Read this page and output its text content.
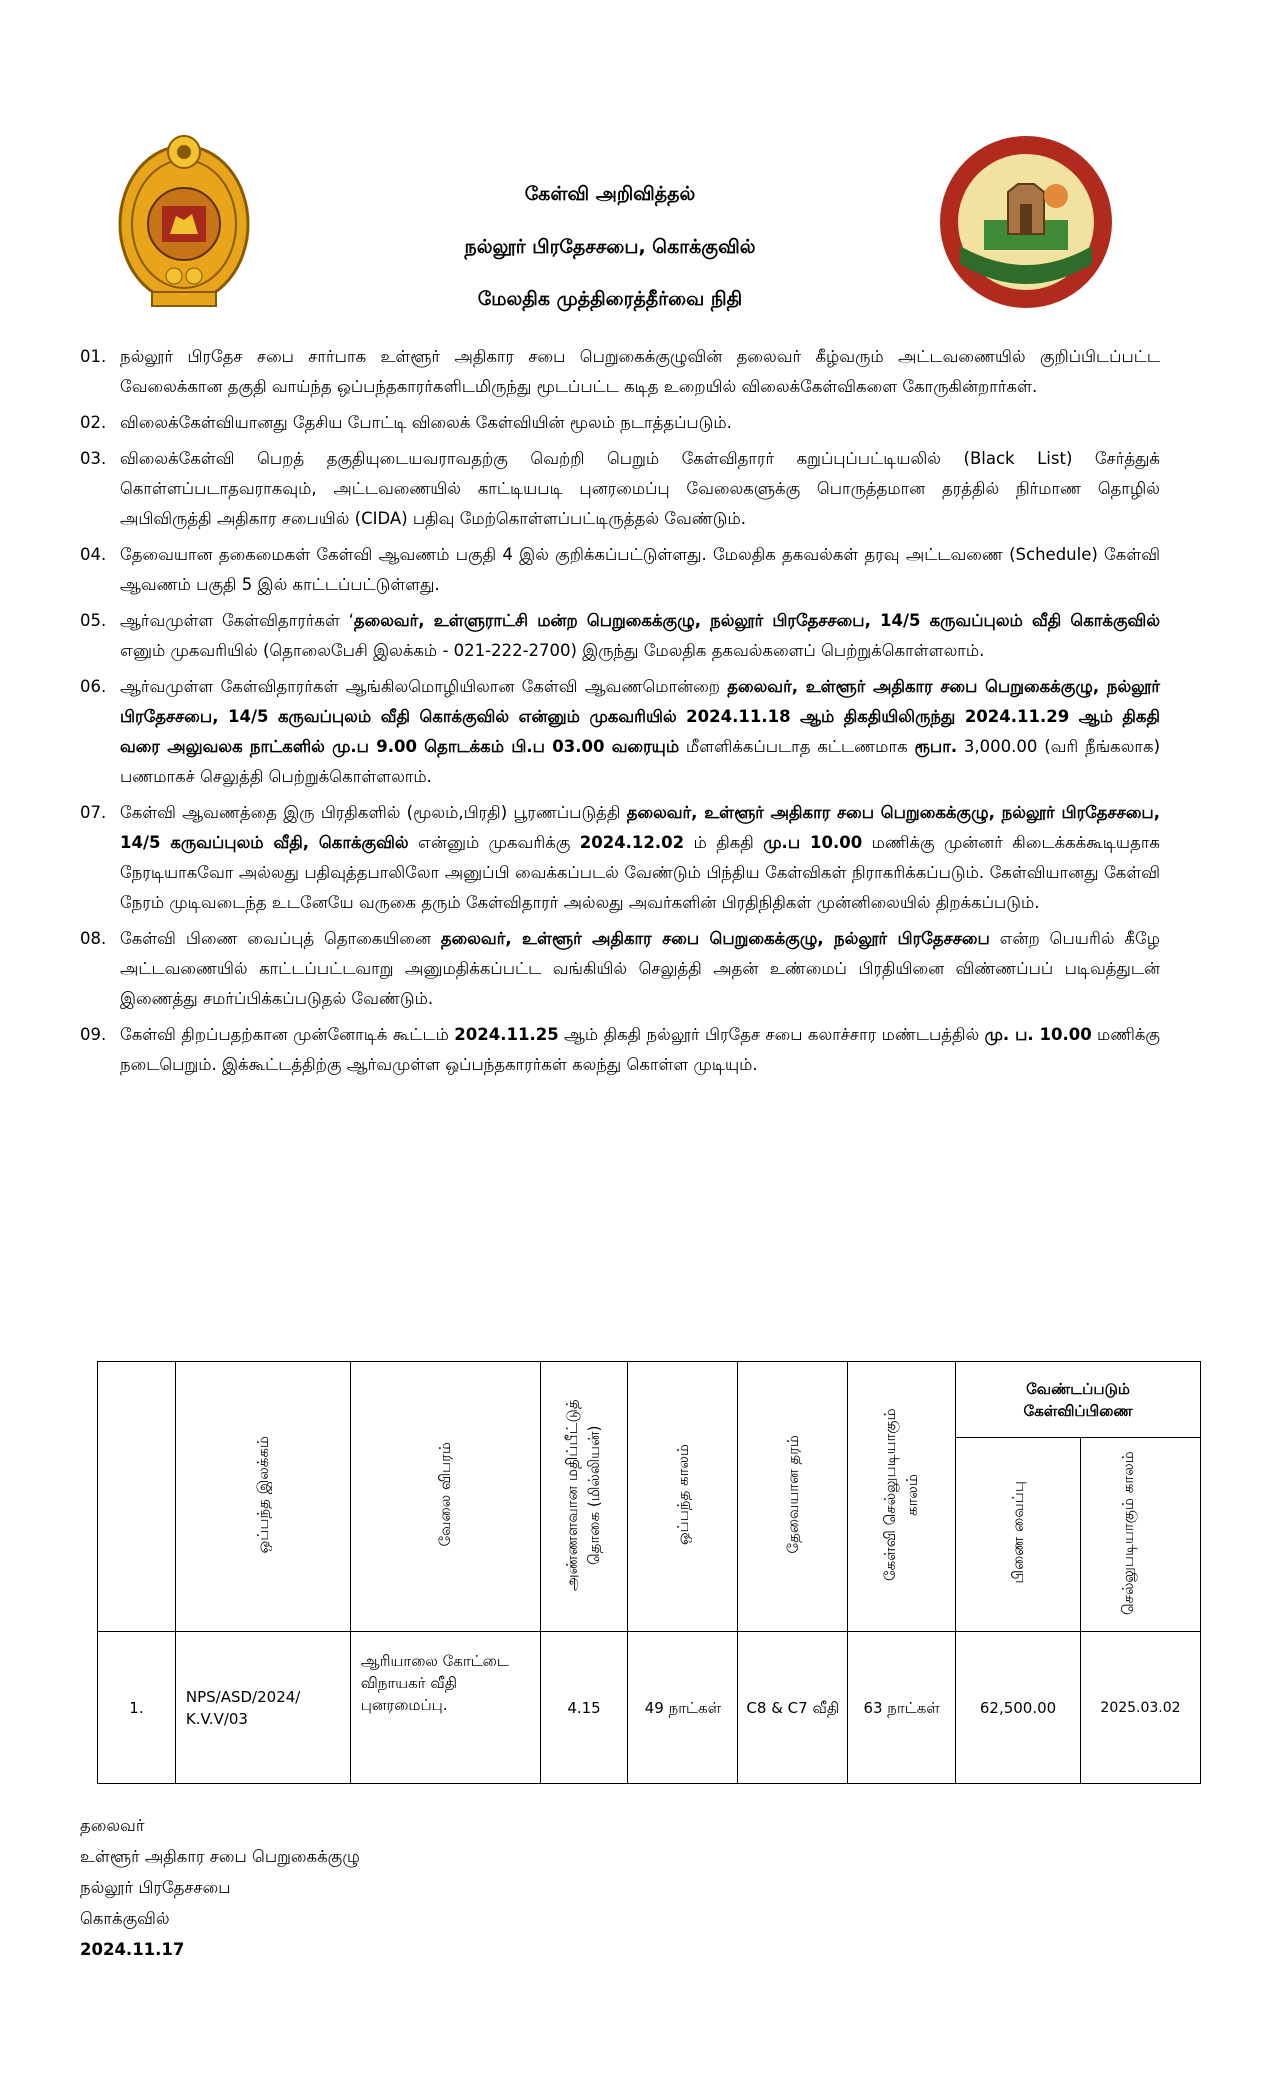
கேள்வி அறிவித்தல்
நல்லூர் பிரதேசசபை, கொக்குவில்
மேலதிக முத்திரைத்தீர்வை நிதி
01. நல்லூர் பிரதேச சபை சார்பாக உள்ளூர் அதிகார சபை பெறுகைக்குழுவின் தலைவர் கீழ்வரும் அட்டவணையில் குறிப்பிடப்பட்ட வேலைக்கான தகுதி வாய்ந்த ஒப்பந்தகாரர்களிடமிருந்து மூடப்பட்ட கடித உறையில் விலைக்கேள்விகளை கோருகின்றார்கள்.
02. விலைக்கேள்வியானது தேசிய போட்டி விலைக் கேள்வியின் மூலம் நடாத்தப்படும்.
03. விலைக்கேள்வி பெறத் தகுதியுடையவராவதற்கு வெற்றி பெறும் கேள்விதாரர் கறுப்புப்பட்டியலில் (Black List) சேர்த்துக் கொள்ளப்படாதவராகவும், அட்டவணையில் காட்டியபடி புனரமைப்பு வேலைகளுக்கு பொருத்தமான தரத்தில் நிர்மாண தொழில் அபிவிருத்தி அதிகார சபையில் (CIDA) பதிவு மேற்கொள்ளப்பட்டிருத்தல் வேண்டும்.
04. தேவையான தகைமைகள் கேள்வி ஆவணம் பகுதி 4 இல் குறிக்கப்பட்டுள்ளது. மேலதிக தகவல்கள் தரவு அட்டவணை (Schedule) கேள்வி ஆவணம் பகுதி 5 இல் காட்டப்பட்டுள்ளது.
05. ஆர்வமுள்ள கேள்விதாரர்கள் ‘தலைவர், உள்ளுராட்சி மன்ற பெறுகைக்குழு, நல்லூர் பிரதேசசபை, 14/5 கருவப்புலம் வீதி கொக்குவில் எனும் முகவரியில் (தொலைபேசி இலக்கம் - 021-222-2700) இருந்து மேலதிக தகவல்களைப் பெற்றுக்கொள்ளலாம்.
06. ஆர்வமுள்ள கேள்விதாரர்கள் ஆங்கிலமொழியிலான கேள்வி ஆவணமொன்றை தலைவர், உள்ளூர் அதிகார சபை பெறுகைக்குழு, நல்லூர் பிரதேசசபை, 14/5 கருவப்புலம் வீதி கொக்குவில் என்னும் முகவரியில் 2024.11.18 ஆம் திகதியிலிருந்து 2024.11.29 ஆம் திகதி வரை அலுவலக நாட்களில் மு.ப 9.00 தொடக்கம் பி.ப 03.00 வரையும் மீளளிக்கப்படாத கட்டணமாக ரூபா. 3,000.00 (வரி நீங்கலாக) பணமாகச் செலுத்தி பெற்றுக்கொள்ளலாம்.
07. கேள்வி ஆவணத்தை இரு பிரதிகளில் (மூலம்,பிரதி) பூரணப்படுத்தி தலைவர், உள்ளூர் அதிகார சபை பெறுகைக்குழு, நல்லூர் பிரதேசசபை, 14/5 கருவப்புலம் வீதி, கொக்குவில் என்னும் முகவரிக்கு 2024.12.02 ம் திகதி மு.ப 10.00 மணிக்கு முன்னர் கிடைக்கக்கூடியதாக நேரடியாகவோ அல்லது பதிவுத்தபாலிலோ அனுப்பி வைக்கப்படல் வேண்டும் பிந்திய கேள்விகள் நிராகரிக்கப்படும். கேள்வியானது கேள்வி நேரம் முடிவடைந்த உடனேயே வருகை தரும் கேள்விதாரர் அல்லது அவர்களின் பிரதிநிதிகள் முன்னிலையில் திறக்கப்படும்.
08. கேள்வி பிணை வைப்புத் தொகையினை தலைவர், உள்ளூர் அதிகார சபை பெறுகைக்குழு, நல்லூர் பிரதேசசபை என்ற பெயரில் கீழே அட்டவணையில் காட்டப்பட்டவாறு அனுமதிக்கப்பட்ட வங்கியில் செலுத்தி அதன் உண்மைப் பிரதியினை விண்ணப்பப் படிவத்துடன் இணைத்து சமர்ப்பிக்கப்படுதல் வேண்டும்.
09. கேள்வி திறப்பதற்கான முன்னோடிக் கூட்டம் 2024.11.25 ஆம் திகதி நல்லூர் பிரதேச சபை கலாச்சார மண்டபத்தில் மு. ப. 10.00 மணிக்கு நடைபெறும். இக்கூட்டத்திற்கு ஆர்வமுள்ள ஒப்பந்தகாரர்கள் கலந்து கொள்ள முடியும்.
	ஒப்பந்த இலக்கம்	வேலை விபரம்	அண்ணளவான மதிப்பீட்டுத் தொகை (மில்லியன்)	ஒப்பந்த காலம்	தேவையான தரம்	கேள்வி செல்லுபடியாகும் காலம்	வேண்டப்படும் கேள்விப்பிணை	
							பிணை வைப்பு	செல்லுபடியாகும் காலம்
1.	NPS/ASD/2024/ K.V.V/03	ஆரியாலை கோட்டை விநாயகர் வீதி புனரமைப்பு.	4.15	49 நாட்கள்	C8 & C7 வீதி	63 நாட்கள்	62,500.00	2025.03.02
தலைவர்
உள்ளூர் அதிகார சபை பெறுகைக்குழு
நல்லூர் பிரதேசசபை
கொக்குவில்
2024.11.17
